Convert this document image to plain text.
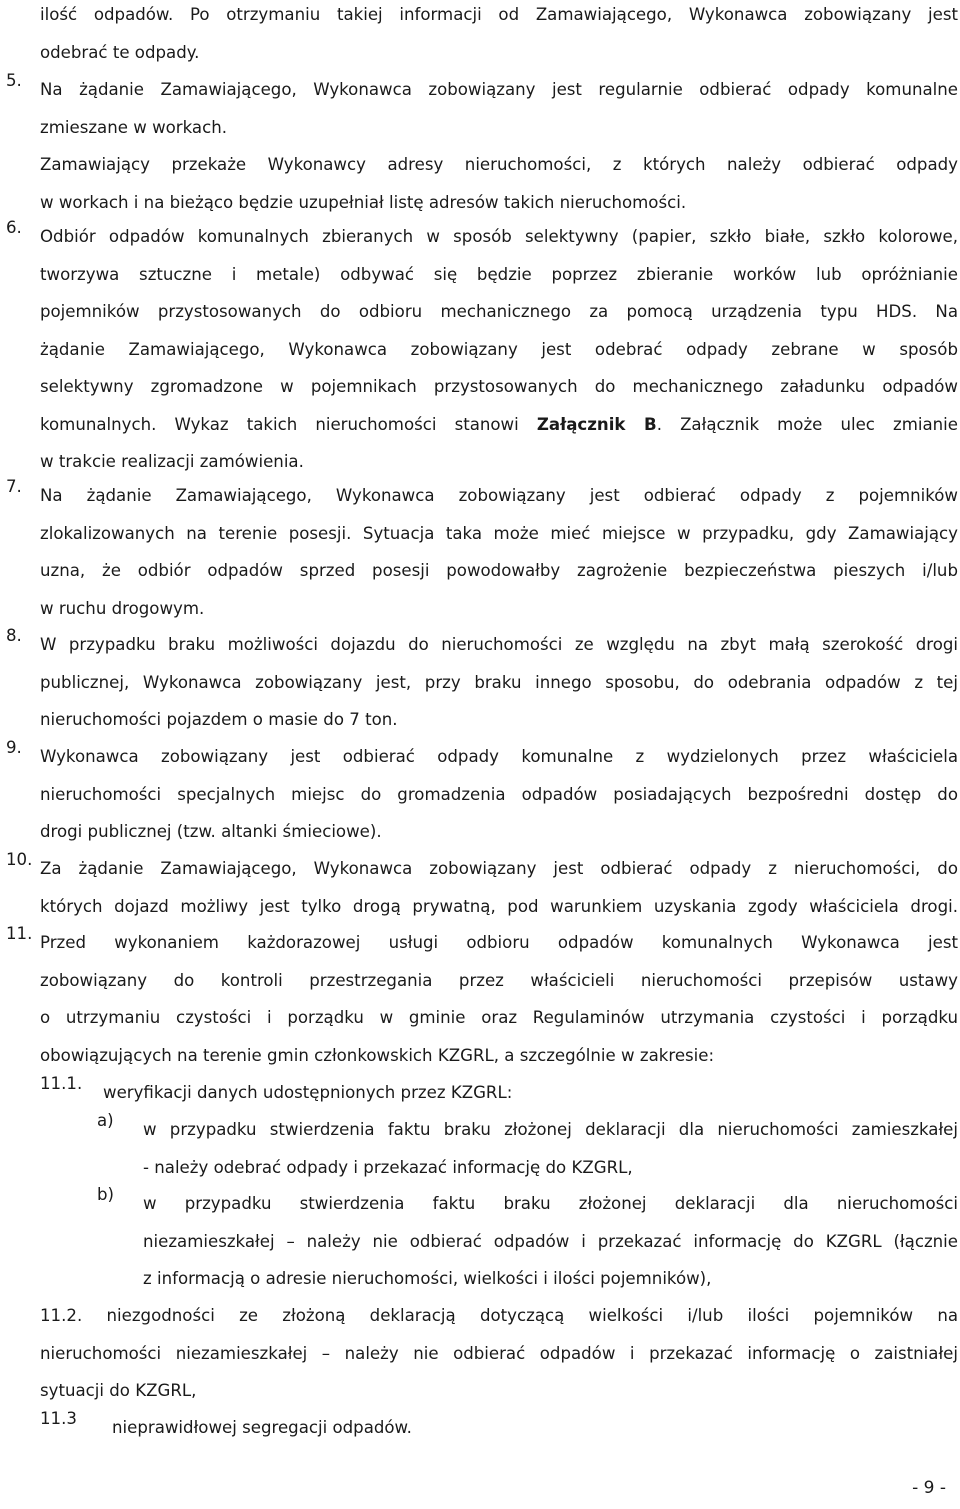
ilość odpadów. Po otrzymaniu takiej informacji od Zamawiającego, Wykonawca zobowiązany jest
odebrać te odpady.
5. Na żądanie Zamawiającego, Wykonawca zobowiązany jest regularnie odbierać odpady komunalne
zmieszane w workach.
Zamawiający przekaże Wykonawcy adresy nieruchomości, z których należy odbierać odpady
w workach i na bieżąco będzie uzupełniał listę adresów takich nieruchomości.
6. Odbiór odpadów komunalnych zbieranych w sposób selektywny (papier, szkło białe, szkło kolorowe,
tworzywa sztuczne i metale) odbywać się będzie poprzez zbieranie worków lub opróżnianie
pojemników przystosowanych do odbioru mechanicznego za pomocą urządzenia typu HDS. Na
żądanie Zamawiającego, Wykonawca zobowiązany jest odebrać odpady zebrane w sposób
selektywny zgromadzone w pojemnikach przystosowanych do mechanicznego załadunku odpadów
komunalnych. Wykaz takich nieruchomości stanowi Załącznik B. Załącznik może ulec zmianie
w trakcie realizacji zamówienia.
7. Na żądanie Zamawiającego, Wykonawca zobowiązany jest odbierać odpady z pojemników
zlokalizowanych na terenie posesji. Sytuacja taka może mieć miejsce w przypadku, gdy Zamawiający
uzna, że odbiór odpadów sprzed posesji powodowałby zagrożenie bezpieczeństwa pieszych i/lub
w ruchu drogowym.
8. W przypadku braku możliwości dojazdu do nieruchomości ze względu na zbyt małą szerokość drogi
publicznej, Wykonawca zobowiązany jest, przy braku innego sposobu, do odebrania odpadów z tej
nieruchomości pojazdem o masie do 7 ton.
9. Wykonawca zobowiązany jest odbierać odpady komunalne z wydzielonych przez właściciela
nieruchomości specjalnych miejsc do gromadzenia odpadów posiadających bezpośredni dostęp do
drogi publicznej (tzw. altanki śmieciowe).
10. Za żądanie Zamawiającego, Wykonawca zobowiązany jest odbierać odpady z nieruchomości, do
których dojazd możliwy jest tylko drogą prywatną, pod warunkiem uzyskania zgody właściciela drogi.
11. Przed wykonaniem każdorazowej usługi odbioru odpadów komunalnych Wykonawca jest
zobowiązany do kontroli przestrzegania przez właścicieli nieruchomości przepisów ustawy
o utrzymaniu czystości i porządku w gminie oraz Regulaminów utrzymania czystości i porządku
obowiązujących na terenie gmin członkowskich KZGRL, a szczególnie w zakresie:
11.1. weryfikacji danych udostępnionych przez KZGRL:
a) w przypadku stwierdzenia faktu braku złożonej deklaracji dla nieruchomości zamieszkałej
- należy odebrać odpady i przekazać informację do KZGRL,
b) w przypadku stwierdzenia faktu braku złożonej deklaracji dla nieruchomości
niezamieszkałej – należy nie odbierać odpadów i przekazać informację do KZGRL (łącznie
z informacją o adresie nieruchomości, wielkości i ilości pojemników),
11.2. niezgodności ze złożoną deklaracją dotyczącą wielkości i/lub ilości pojemników na
nieruchomości niezamieszkałej – należy nie odbierać odpadów i przekazać informację o zaistniałej
sytuacji do KZGRL,
11.3 nieprawidłowej segregacji odpadów.
- 9 -
